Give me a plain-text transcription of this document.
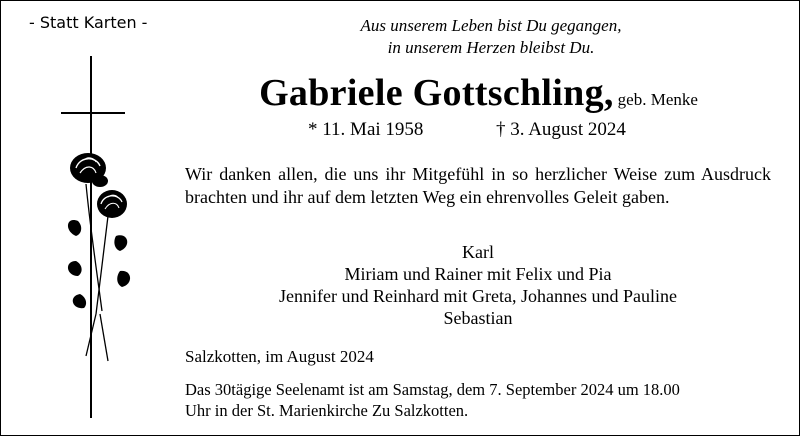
- Statt Karten -	Aus unserem Leben bist Du gegangen,
in unserem Herzen bleibst Du.
Gabriele Gottschling, geb. Menke
* 11. Mai 1958	† 3. August 2024
Wir danken allen, die uns ihr Mitgefühl in so herzlicher Weise zum Ausdruck brachten und ihr auf dem letzten Weg ein ehrenvolles Geleit gaben.
Karl
Miriam und Rainer mit Felix und Pia
Jennifer und Reinhard mit Greta, Johannes und Pauline
Sebastian
Salzkotten, im August 2024
Das 30tägige Seelenamt ist am Samstag, dem 7. September 2024 um 18.00
Uhr in der St. Marienkirche Zu Salzkotten.
